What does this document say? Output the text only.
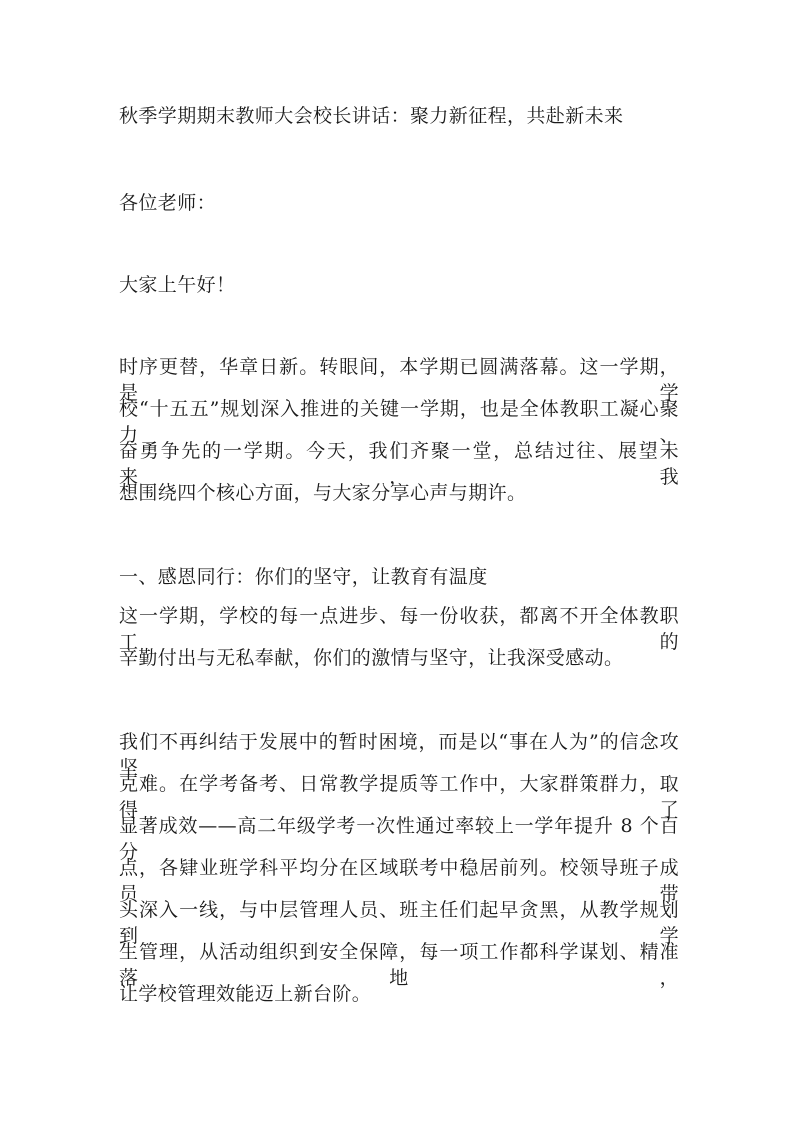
秋季学期期末教师大会校长讲话：聚力新征程，共赴新未来
各位老师：
大家上午好！
时序更替，华章日新。转眼间，本学期已圆满落幕。这一学期，是学
校“十五五”规划深入推进的关键一学期，也是全体教职工凝心聚力、
奋勇争先的一学期。今天，我们齐聚一堂，总结过往、展望未来，我
想围绕四个核心方面，与大家分享心声与期许。
一、感恩同行：你们的坚守，让教育有温度
这一学期，学校的每一点进步、每一份收获，都离不开全体教职工的
辛勤付出与无私奉献，你们的激情与坚守，让我深受感动。
我们不再纠结于发展中的暂时困境，而是以“事在人为”的信念攻坚
克难。在学考备考、日常教学提质等工作中，大家群策群力，取得了
显著成效——高二年级学考一次性通过率较上一学年提升 8 个百分
点，各肄业班学科平均分在区域联考中稳居前列。校领导班子成员带
头深入一线，与中层管理人员、班主任们起早贪黑，从教学规划到学
生管理，从活动组织到安全保障，每一项工作都科学谋划、精准落地，
让学校管理效能迈上新台阶。
